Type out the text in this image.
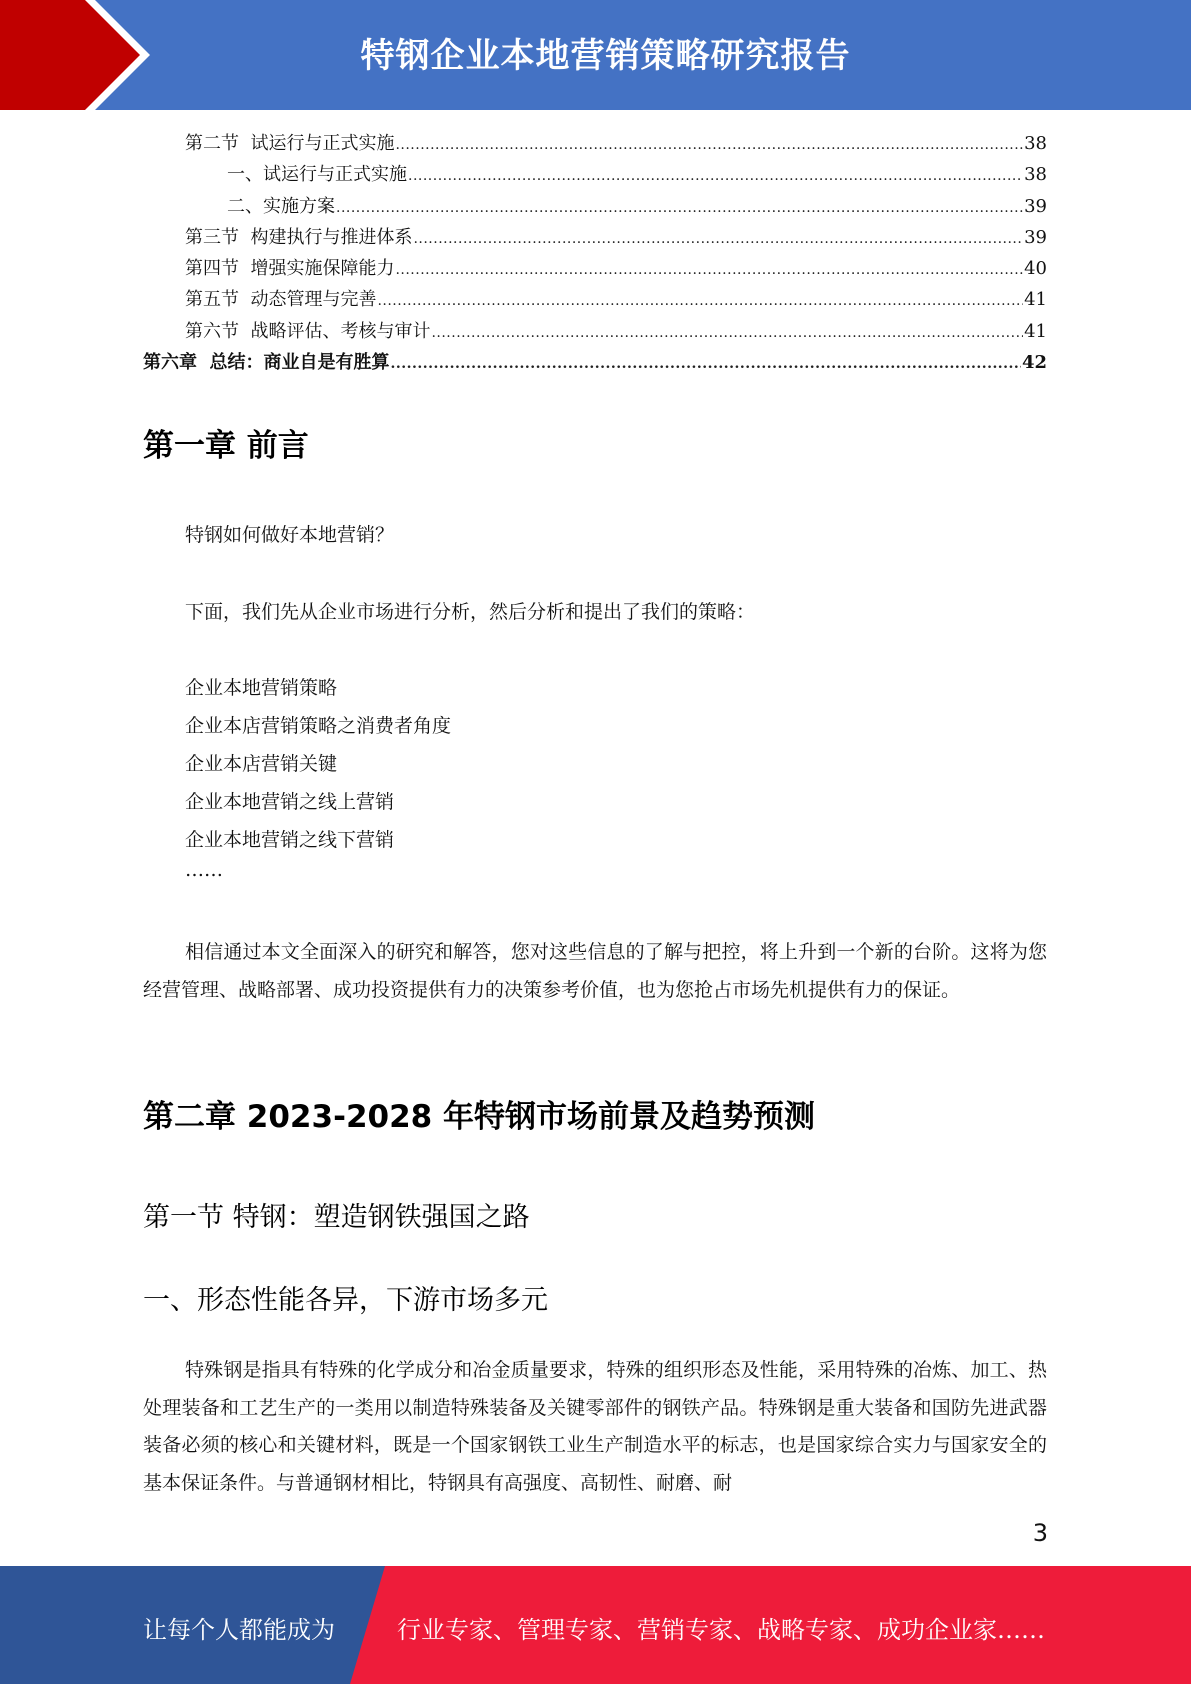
特钢企业本地营销策略研究报告
第二节  试运行与正式实施 .....	38
一、试运行与正式实施 .....	38
二、实施方案 .....	39
第三节  构建执行与推进体系 .....	39
第四节  增强实施保障能力 .....	40
第五节  动态管理与完善 .....	41
第六节  战略评估、考核与审计 .....	41
第六章  总结：商业自是有胜算 .....	42
第一章 前言
特钢如何做好本地营销？
下面，我们先从企业市场进行分析，然后分析和提出了我们的策略：
企业本地营销策略
企业本店营销策略之消费者角度
企业本店营销关键
企业本地营销之线上营销
企业本地营销之线下营销
……

相信通过本文全面深入的研究和解答，您对这些信息的了解与把控，将上升到一个新的台阶。这将为您经营管理、战略部署、成功投资提供有力的决策参考价值，也为您抢占市场先机提供有力的保证。

第二章 2023-2028 年特钢市场前景及趋势预测
第一节 特钢：塑造钢铁强国之路
一、形态性能各异，下游市场多元

特殊钢是指具有特殊的化学成分和冶金质量要求，特殊的组织形态及性能，采用特殊的冶炼、加工、热处理装备和工艺生产的一类用以制造特殊装备及关键零部件的钢铁产品。特殊钢是重大装备和国防先进武器装备必须的核心和关键材料，既是一个国家钢铁工业生产制造水平的标志，也是国家综合实力与国家安全的基本保证条件。与普通钢材相比，特钢具有高强度、高韧性、耐磨、耐

3
让每个人都能成为	行业专家、管理专家、营销专家、战略专家、成功企业家……
